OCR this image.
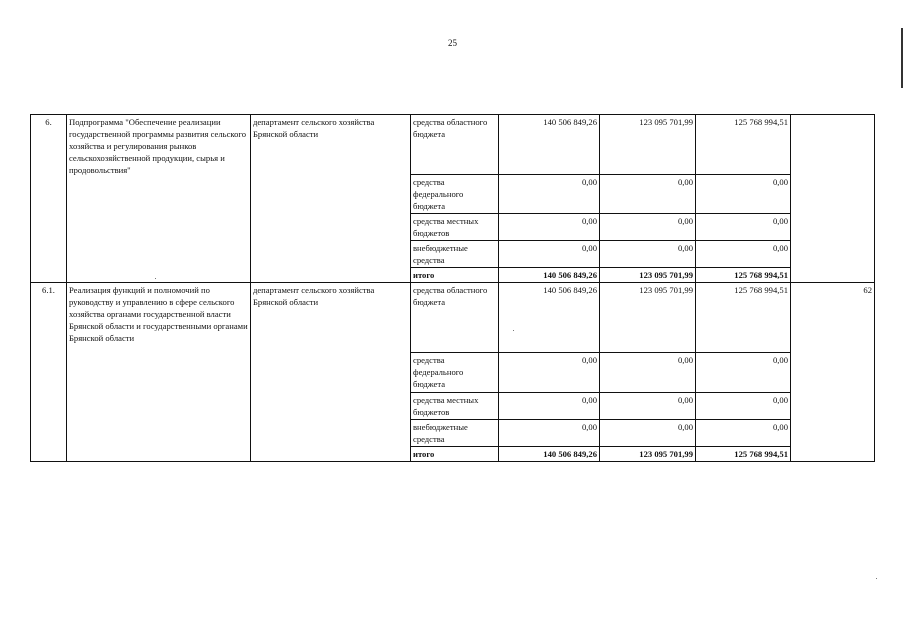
25
6.	Подпрограмма "Обеспечение реализации государственной программы развития сельского хозяйства и регулирования рынков сельскохозяйственной продукции, сырья и продовольствия"	департамент сельского хозяйства Брянской области	средства областного бюджета	140 506 849,26	123 095 701,99	125 768 994,51	
			средства федерального бюджета	0,00	0,00	0,00	
			средства местных бюджетов	0,00	0,00	0,00	
			внебюджетные средства	0,00	0,00	0,00	
			итого	140 506 849,26	123 095 701,99	125 768 994,51	
6.1.	Реализация функций и полномочий по руководству и управлению в сфере сельского хозяйства органами государственной власти Брянской области и государственными органами Брянской области	департамент сельского хозяйства Брянской области	средства областного бюджета	140 506 849,26	123 095 701,99	125 768 994,51	62
			средства федерального бюджета	0,00	0,00	0,00	
			средства местных бюджетов	0,00	0,00	0,00	
			внебюджетные средства	0,00	0,00	0,00	
			итого	140 506 849,26	123 095 701,99	125 768 994,51	
